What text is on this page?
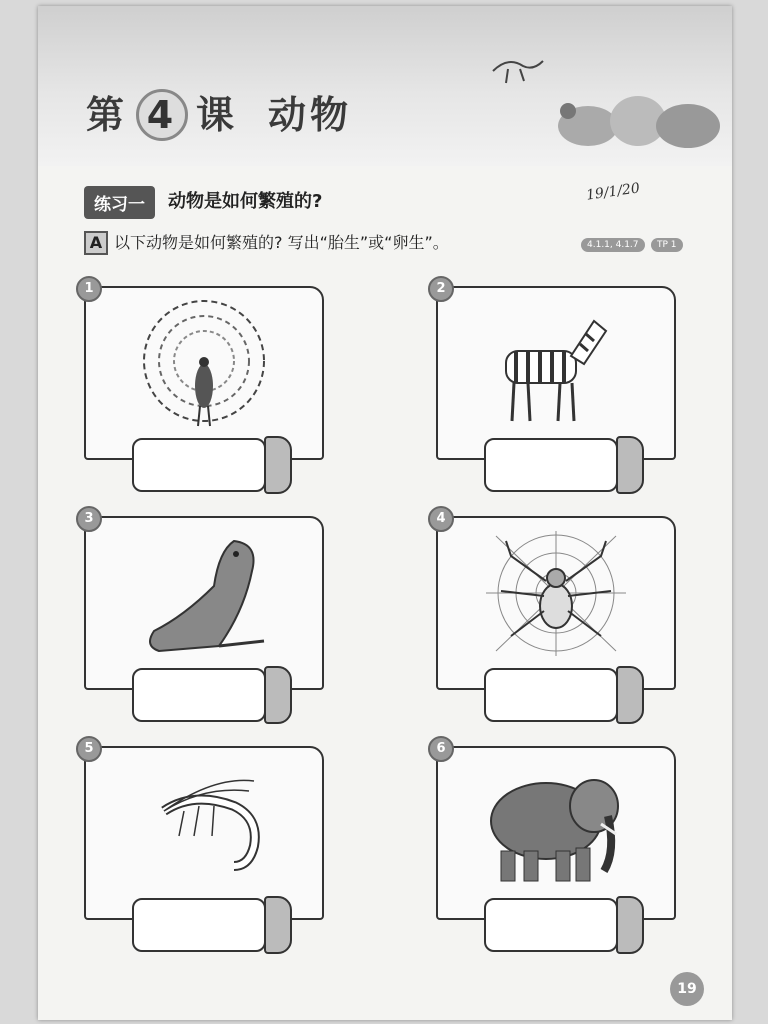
第 4 课 动物
练习一	动物是如何繁殖的?	19/1/20
A 以下动物是如何繁殖的? 写出“胎生”或“卵生”。	4.1.1, 4.1.7	TP 1
1	2
3	4
5	6
19
